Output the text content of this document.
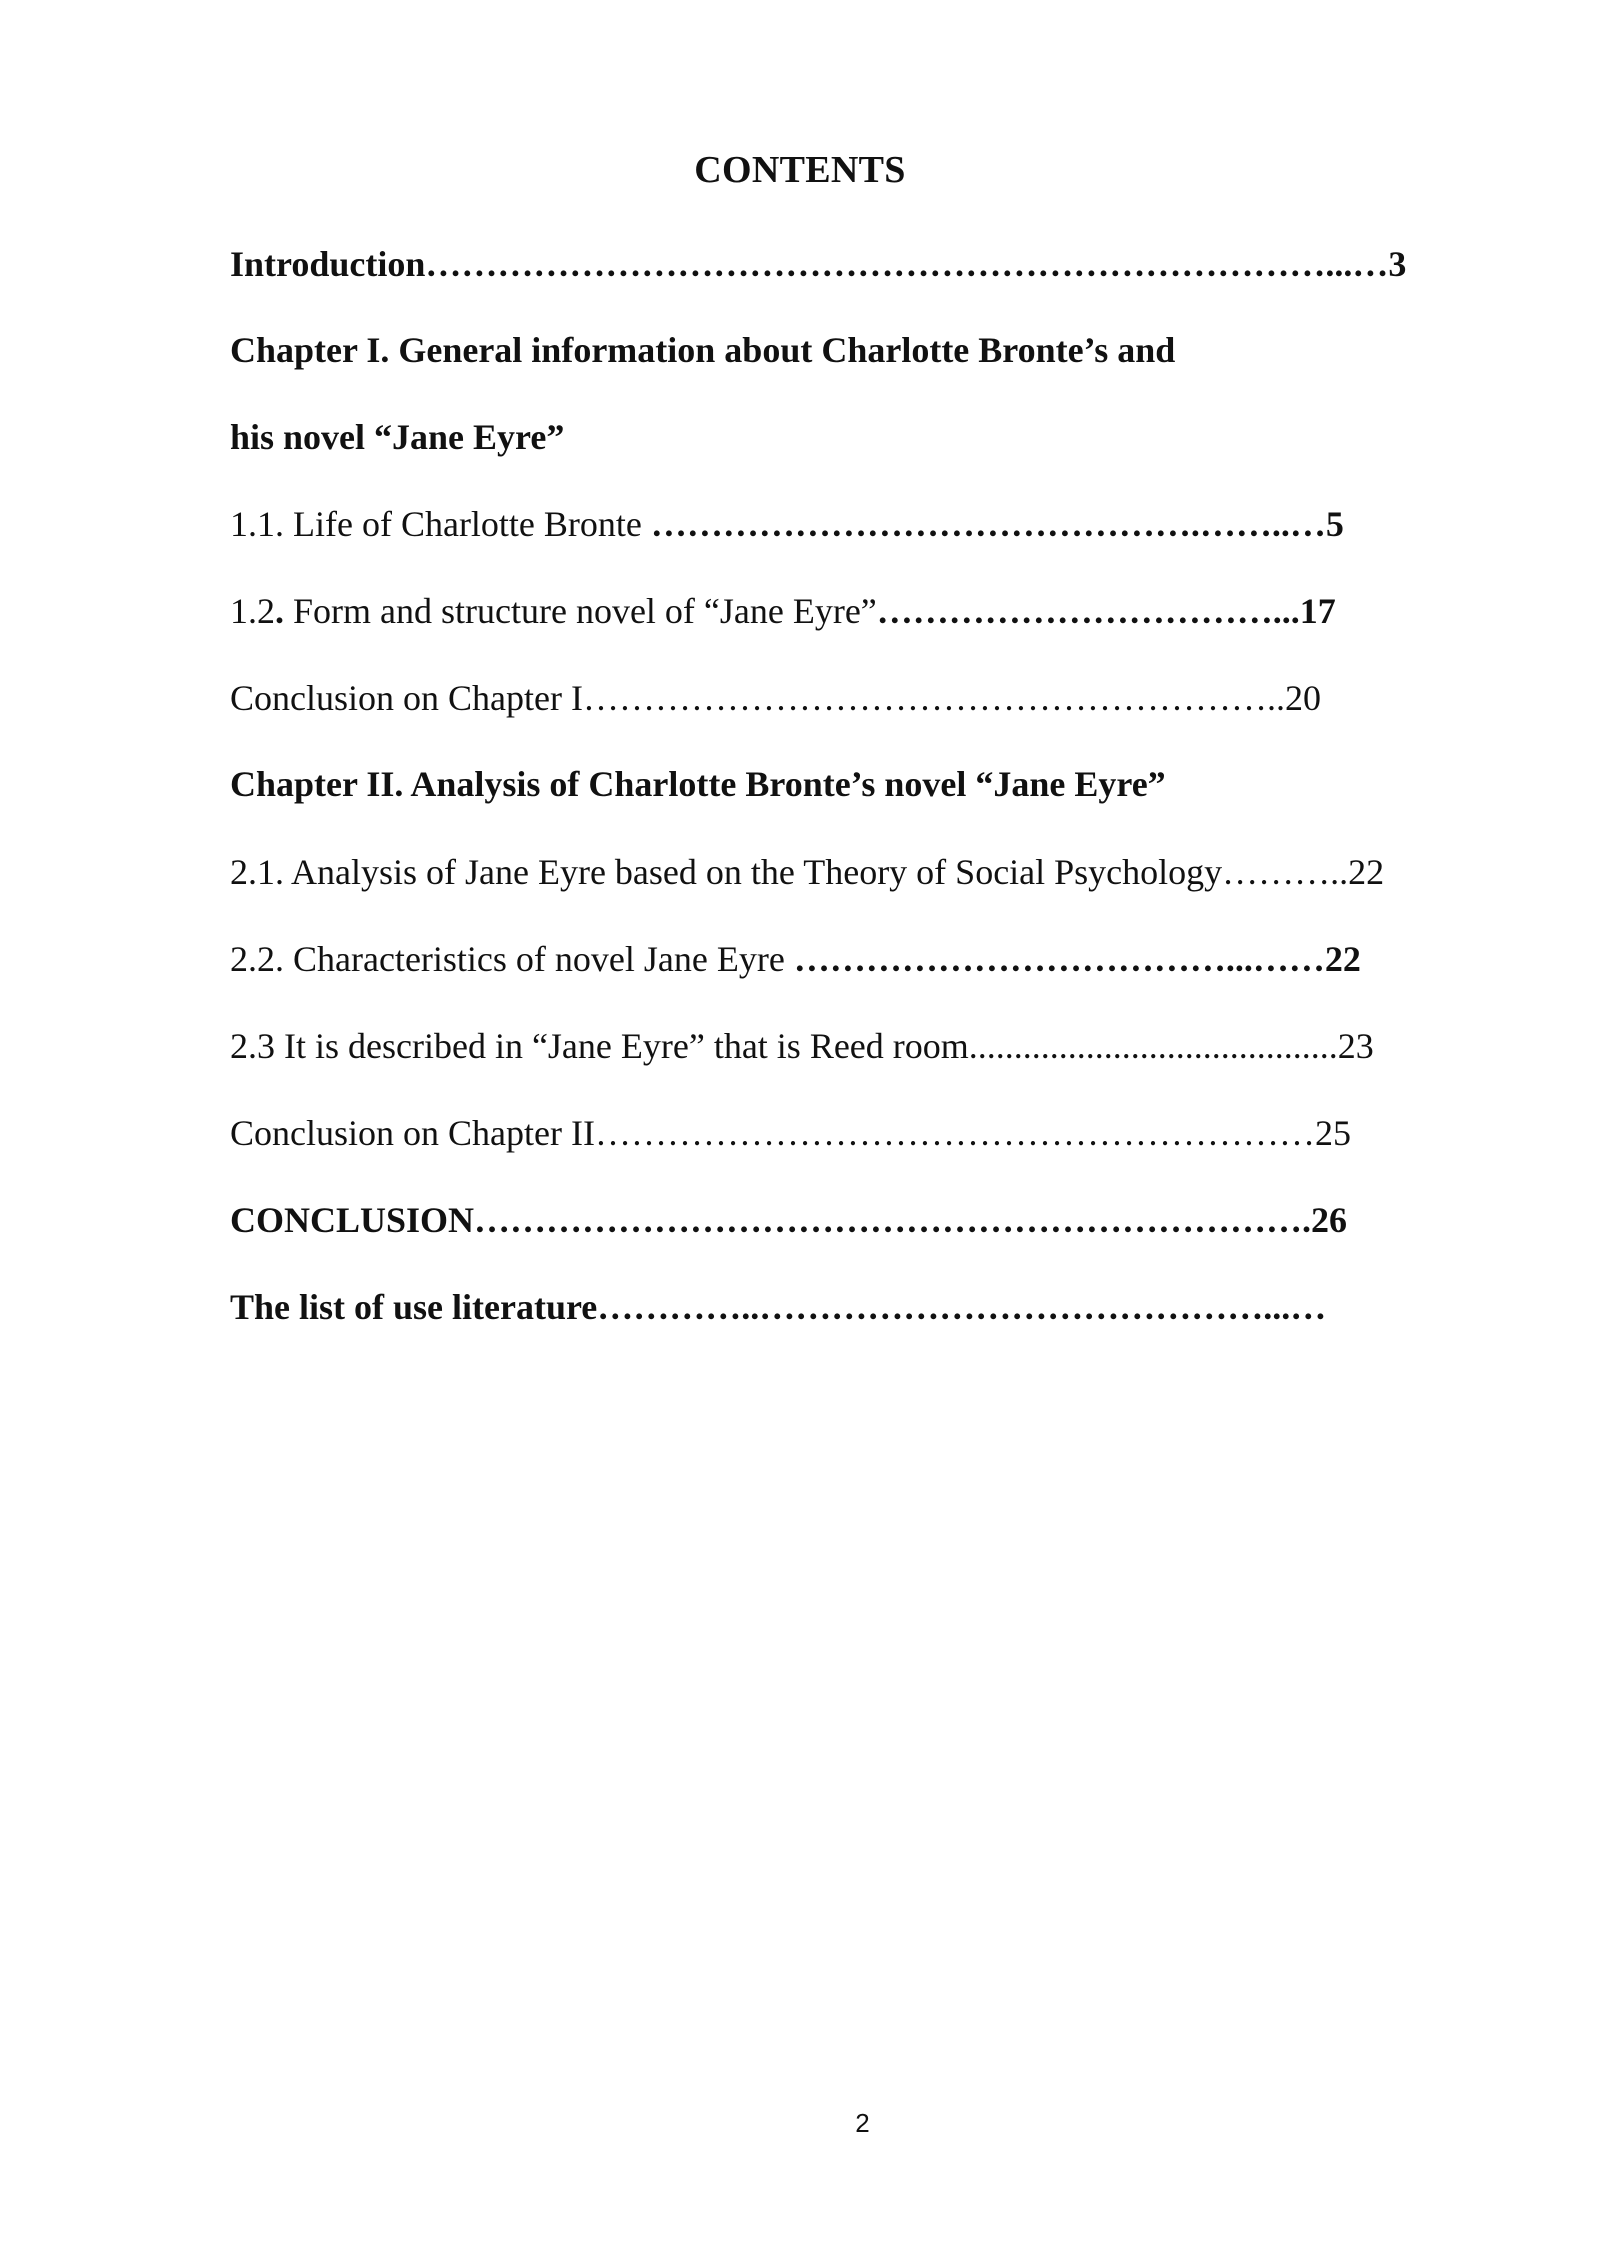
CONTENTS
Introduction…………………………………………………………………...…3
Chapter I. General information about Charlotte Bronte’s and
his novel “Jane Eyre”
1.1. Life of Charlotte Bronte ……………………………………….……..…5
1.2. Form and structure novel of “Jane Eyre”……………………………...17
Conclusion on Chapter I…………………………………………………..20
Chapter II. Analysis of Charlotte Bronte’s novel “Jane Eyre”
2.1. Analysis of Jane Eyre based on the Theory of Social Psychology………..22
2.2. Characteristics of novel Jane Eyre ………………………………...……22
2.3 It is described in “Jane Eyre” that is Reed room.........................................23
Conclusion on Chapter II……………………………………………………25
CONCLUSION…………………………………………………………….26
The list of use literature…………..……………………………………...…
2
